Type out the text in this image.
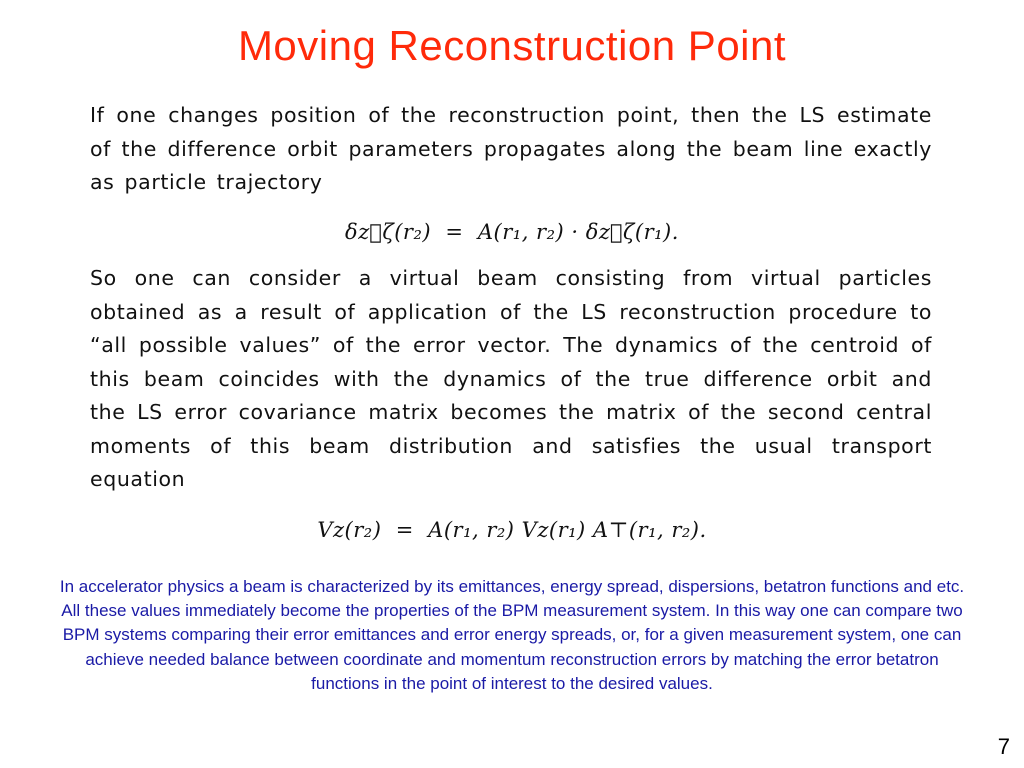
Moving Reconstruction Point
If one changes position of the reconstruction point, then the LS estimate of the difference orbit parameters propagates along the beam line exactly as particle trajectory
δz⃗ζ(r₂)  =  A(r₁, r₂) · δz⃗ζ(r₁).
So one can consider a virtual beam consisting from virtual particles obtained as a result of application of the LS reconstruction procedure to “all possible values” of the error vector. The dynamics of the centroid of this beam coincides with the dynamics of the true difference orbit and the LS error covariance matrix becomes the matrix of the second central moments of this beam distribution and satisfies the usual transport equation
Vz(r₂)  =  A(r₁, r₂) Vz(r₁) A⊤(r₁, r₂).
In accelerator physics a beam is characterized by its emittances, energy spread, dispersions, betatron functions and etc. All these values immediately become the properties of the BPM measurement system. In this way one can compare two BPM systems comparing their error emittances and error energy spreads, or, for a given measurement system, one can achieve needed balance between coordinate and momentum reconstruction errors by matching the error betatron functions in the point of interest to the desired values.
7
